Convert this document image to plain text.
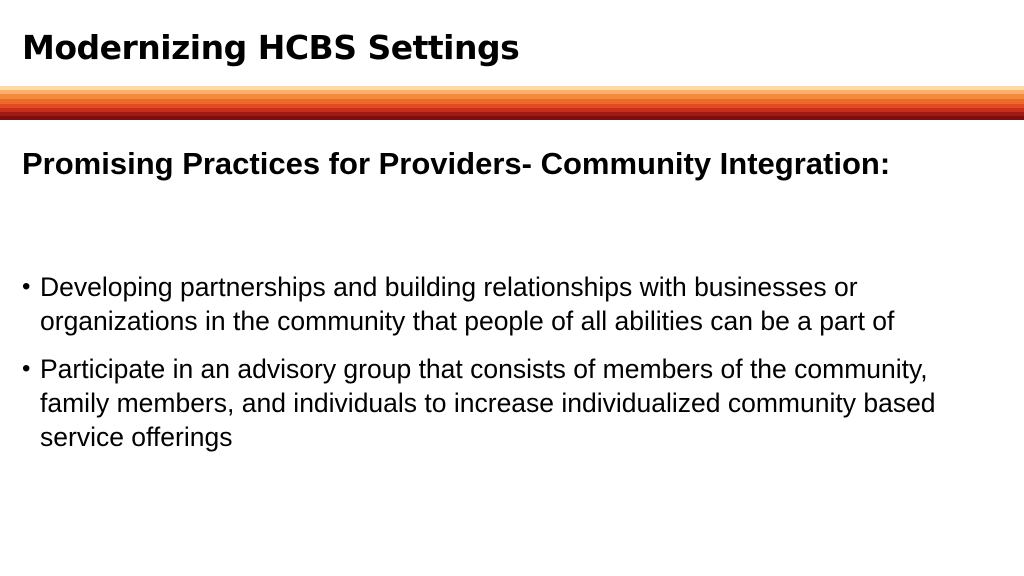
Modernizing HCBS Settings
Promising Practices for Providers- Community Integration:
• Developing partnerships and building relationships with businesses or organizations in the community that people of all abilities can be a part of
• Participate in an advisory group that consists of members of the community, family members, and individuals to increase individualized community based service offerings
